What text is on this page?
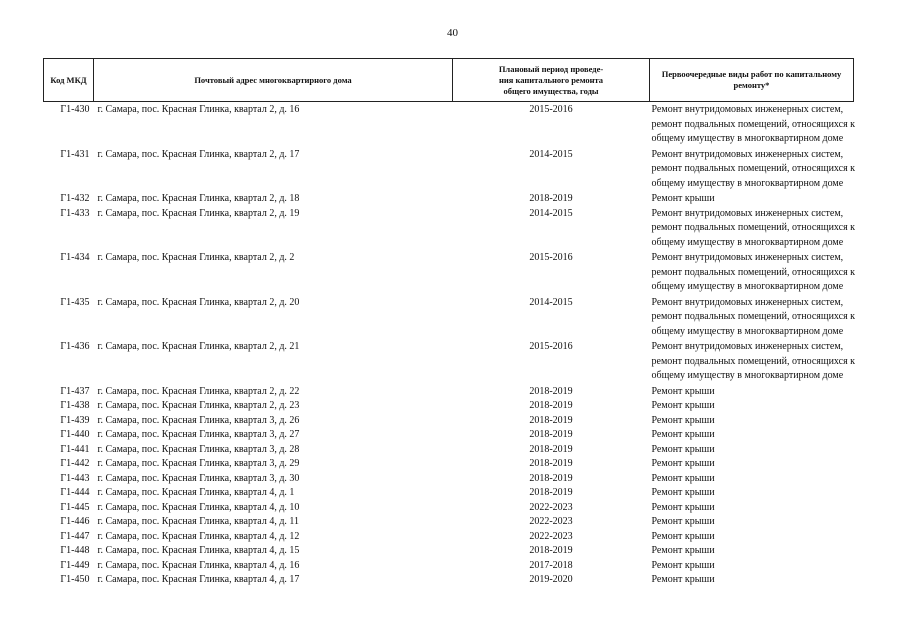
40
Код МКД	Почтовый адрес многоквартирного дома	Плановый период проведе-
ния капитального ремонта
общего имущества, годы	Первоочередные виды работ по капитальному
ремонту*

Г1-430	г. Самара, пос. Красная Глинка, квартал 2, д. 16	2015-2016	Ремонт внутридомовых инженерных систем,
ремонт подвальных помещений, относящихся к
общему имуществу в многоквартирном доме

Г1-431	г. Самара, пос. Красная Глинка, квартал 2, д. 17	2014-2015	Ремонт внутридомовых инженерных систем,
ремонт подвальных помещений, относящихся к
общему имуществу в многоквартирном доме

Г1-432	г. Самара, пос. Красная Глинка, квартал 2, д. 18	2018-2019	Ремонт крыши

Г1-433	г. Самара, пос. Красная Глинка, квартал 2, д. 19	2014-2015	Ремонт внутридомовых инженерных систем,
ремонт подвальных помещений, относящихся к
общему имуществу в многоквартирном доме

Г1-434	г. Самара, пос. Красная Глинка, квартал 2, д. 2	2015-2016	Ремонт внутридомовых инженерных систем,
ремонт подвальных помещений, относящихся к
общему имуществу в многоквартирном доме

Г1-435	г. Самара, пос. Красная Глинка, квартал 2, д. 20	2014-2015	Ремонт внутридомовых инженерных систем,
ремонт подвальных помещений, относящихся к
общему имуществу в многоквартирном доме

Г1-436	г. Самара, пос. Красная Глинка, квартал 2, д. 21	2015-2016	Ремонт внутридомовых инженерных систем,
ремонт подвальных помещений, относящихся к
общему имуществу в многоквартирном доме

Г1-437	г. Самара, пос. Красная Глинка, квартал 2, д. 22	2018-2019	Ремонт крыши

Г1-438	г. Самара, пос. Красная Глинка, квартал 2, д. 23	2018-2019	Ремонт крыши

Г1-439	г. Самара, пос. Красная Глинка, квартал 3, д. 26	2018-2019	Ремонт крыши

Г1-440	г. Самара, пос. Красная Глинка, квартал 3, д. 27	2018-2019	Ремонт крыши

Г1-441	г. Самара, пос. Красная Глинка, квартал 3, д. 28	2018-2019	Ремонт крыши

Г1-442	г. Самара, пос. Красная Глинка, квартал 3, д. 29	2018-2019	Ремонт крыши

Г1-443	г. Самара, пос. Красная Глинка, квартал 3, д. 30	2018-2019	Ремонт крыши

Г1-444	г. Самара, пос. Красная Глинка, квартал 4, д. 1	2018-2019	Ремонт крыши

Г1-445	г. Самара, пос. Красная Глинка, квартал 4, д. 10	2022-2023	Ремонт крыши

Г1-446	г. Самара, пос. Красная Глинка, квартал 4, д. 11	2022-2023	Ремонт крыши

Г1-447	г. Самара, пос. Красная Глинка, квартал 4, д. 12	2022-2023	Ремонт крыши

Г1-448	г. Самара, пос. Красная Глинка, квартал 4, д. 15	2018-2019	Ремонт крыши

Г1-449	г. Самара, пос. Красная Глинка, квартал 4, д. 16	2017-2018	Ремонт крыши

Г1-450	г. Самара, пос. Красная Глинка, квартал 4, д. 17	2019-2020	Ремонт крыши
